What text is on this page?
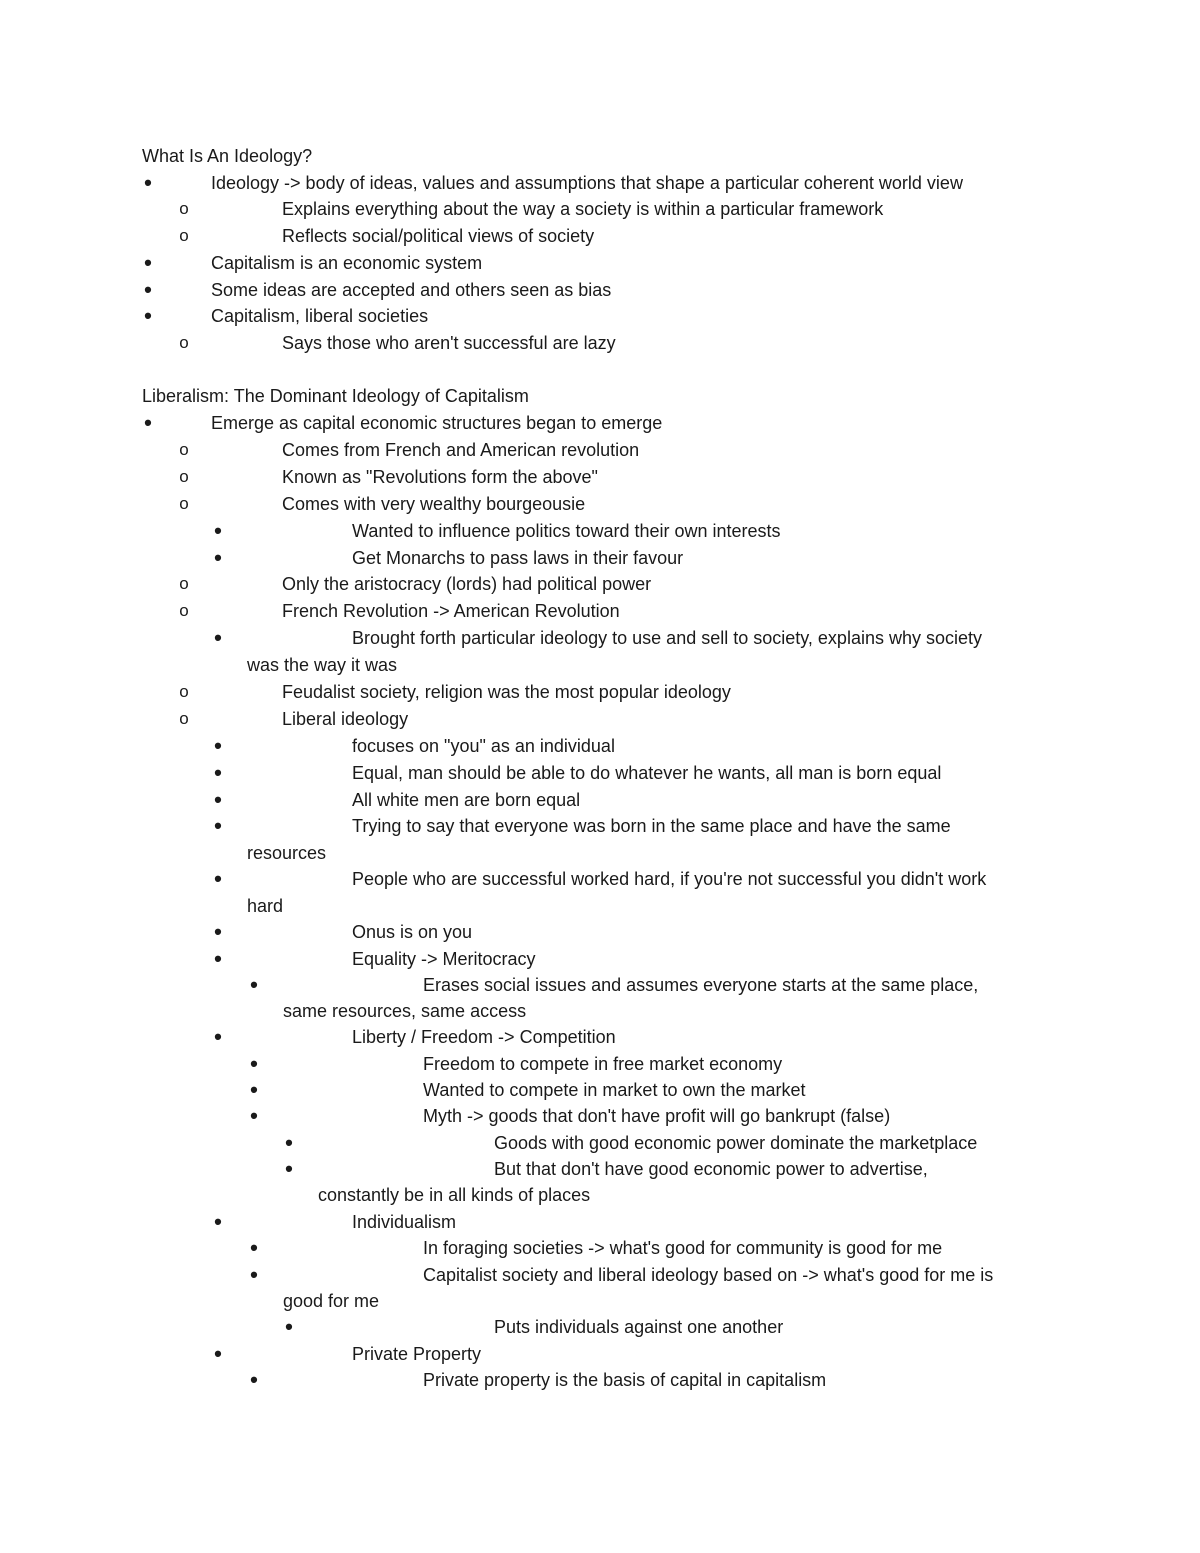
What Is An Ideology?
•	Ideology -> body of ideas, values and assumptions that shape a particular coherent world view
o	Explains everything about the way a society is within a particular framework
o	Reflects social/political views of society
•	Capitalism is an economic system
•	Some ideas are accepted and others seen as bias
•	Capitalism, liberal societies
o	Says those who aren't successful are lazy
Liberalism: The Dominant Ideology of Capitalism
•	Emerge as capital economic structures began to emerge
o	Comes from French and American revolution
o	Known as "Revolutions form the above"
o	Comes with very wealthy bourgeousie
•	Wanted to influence politics toward their own interests
•	Get Monarchs to pass laws in their favour
o	Only the aristocracy (lords) had political power
o	French Revolution -> American Revolution
•	Brought forth particular ideology to use and sell to society, explains why society
was the way it was
o	Feudalist society, religion was the most popular ideology
o	Liberal ideology
•	focuses on "you" as an individual
•	Equal, man should be able to do whatever he wants, all man is born equal
•	All white men are born equal
•	Trying to say that everyone was born in the same place and have the same
resources
•	People who are successful worked hard, if you're not successful you didn't work
hard
•	Onus is on you
•	Equality -> Meritocracy
•	Erases social issues and assumes everyone starts at the same place,
same resources, same access
•	Liberty / Freedom -> Competition
•	Freedom to compete in free market economy
•	Wanted to compete in market to own the market
•	Myth -> goods that don't have profit will go bankrupt (false)
•	Goods with good economic power dominate the marketplace
•	But that don't have good economic power to advertise,
constantly be in all kinds of places
•	Individualism
•	In foraging societies -> what's good for community is good for me
•	Capitalist society and liberal ideology based on -> what's good for me is
good for me
•	Puts individuals against one another
•	Private Property
•	Private property is the basis of capital in capitalism
